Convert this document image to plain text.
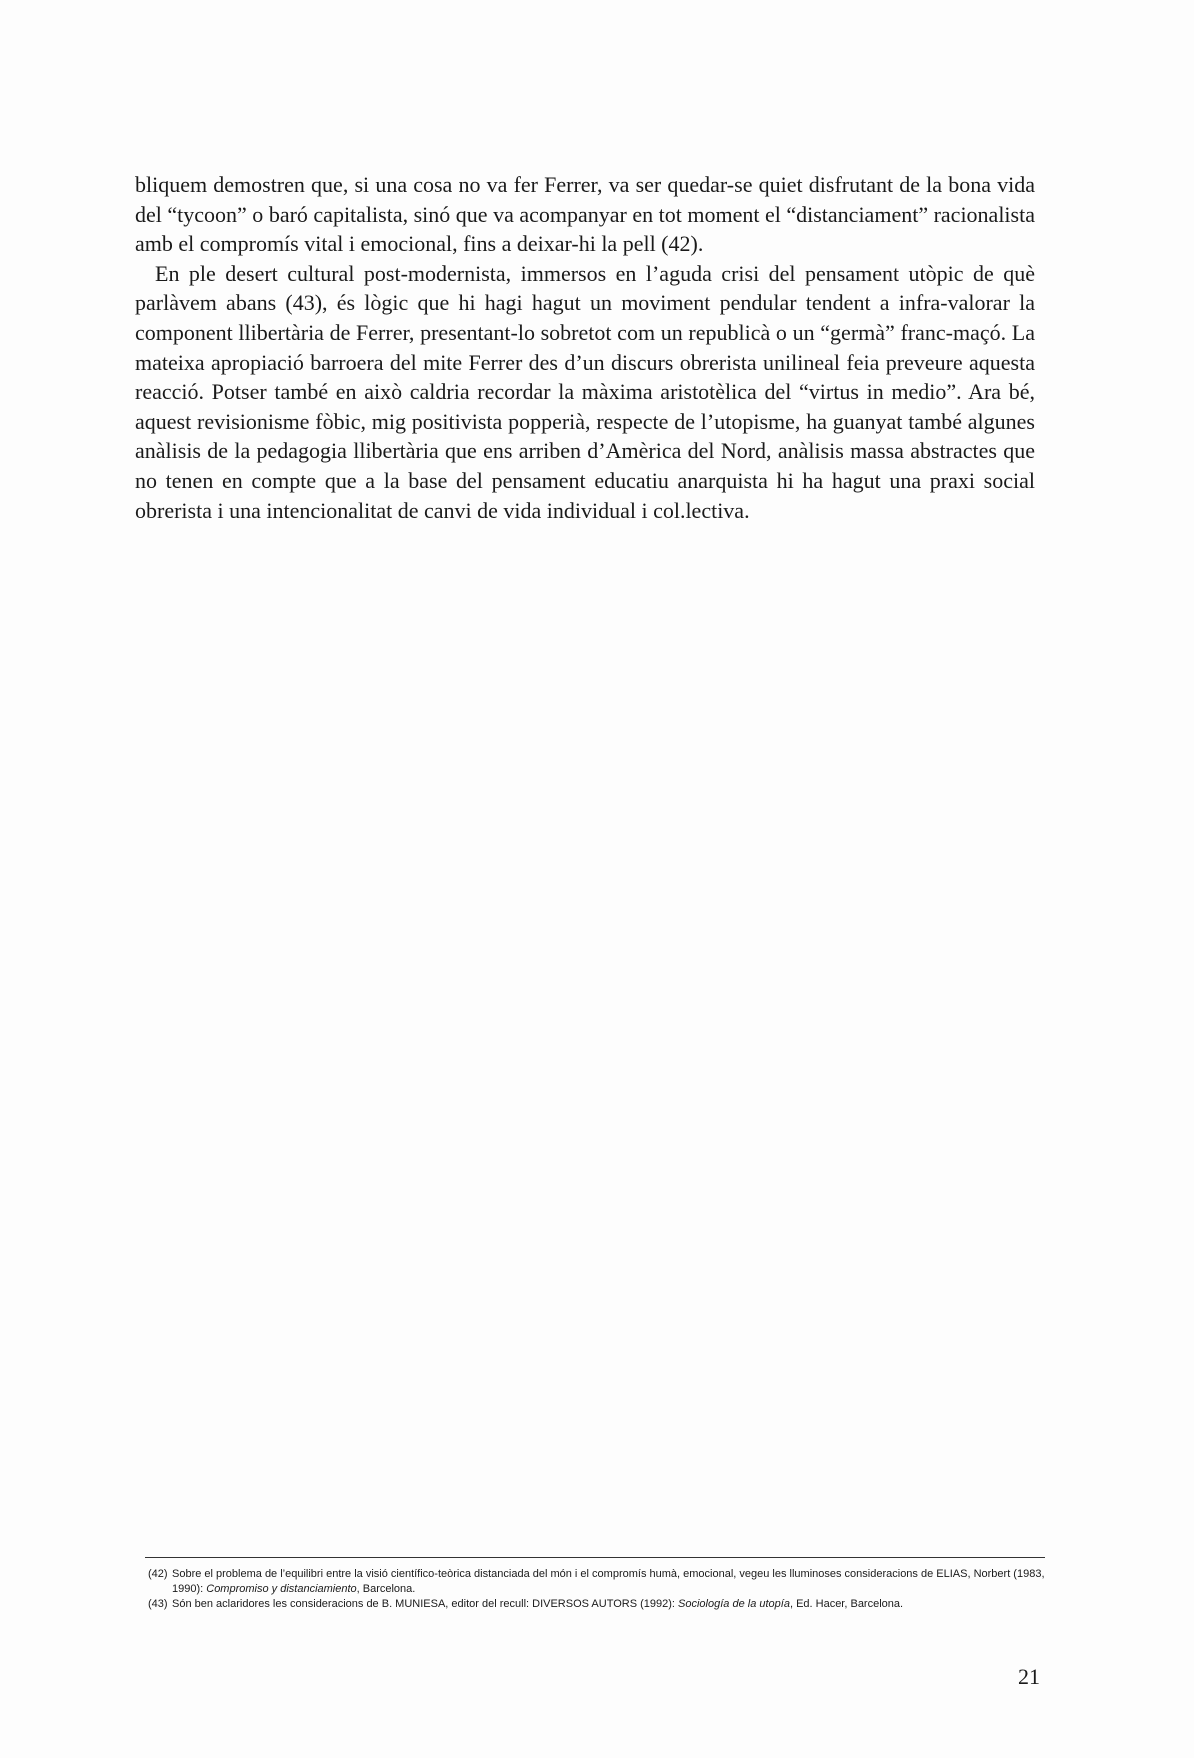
bliquem demostren que, si una cosa no va fer Ferrer, va ser quedar-se quiet disfrutant de la bona vida del “tycoon” o baró capitalista, sinó que va acompanyar en tot moment el “distanciament” racionalista amb el compromís vital i emocional, fins a deixar-hi la pell (42).

En ple desert cultural post-modernista, immersos en l’aguda crisi del pensament utòpic de què parlàvem abans (43), és lògic que hi hagi hagut un moviment pendular tendent a infra-valorar la component llibertària de Ferrer, presentant-lo sobretot com un republicà o un “germà” franc-maçó. La mateixa apropiació barroera del mite Ferrer des d’un discurs obrerista unilineal feia preveure aquesta reacció. Potser també en això caldria recordar la màxima aristotèlica del “virtus in medio”. Ara bé, aquest revisionisme fòbic, mig positivista popperià, respecte de l’utopisme, ha guanyat també algunes anàlisis de la pedagogia llibertària que ens arriben d’Amèrica del Nord, anàlisis massa abstractes que no tenen en compte que a la base del pensament educatiu anarquista hi ha hagut una praxi social obrerista i una intencionalitat de canvi de vida individual i col.lectiva.

(42) Sobre el problema de l’equilibri entre la visió científico-teòrica distanciada del món i el compromís humà, emocional, vegeu les lluminoses consideracions de ELIAS, Norbert (1983, 1990): Compromiso y distanciamiento, Barcelona.
(43) Són ben aclaridores les consideracions de B. MUNIESA, editor del recull: DIVERSOS AUTORS (1992): Sociología de la utopía, Ed. Hacer, Barcelona.
21
